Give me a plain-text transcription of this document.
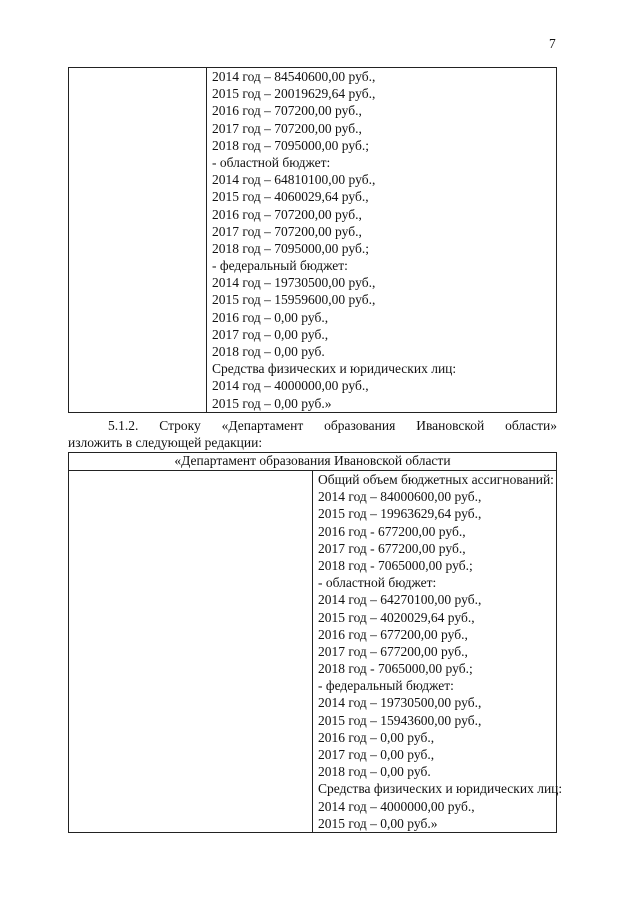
7

2014 год – 84540600,00 руб.,
2015 год – 20019629,64 руб.,
2016 год – 707200,00 руб.,
2017 год – 707200,00 руб.,
2018 год – 7095000,00 руб.;
- областной бюджет:
2014 год – 64810100,00 руб.,
2015 год – 4060029,64 руб.,
2016 год – 707200,00 руб.,
2017 год – 707200,00 руб.,
2018 год – 7095000,00 руб.;
- федеральный бюджет:
2014 год – 19730500,00 руб.,
2015 год – 15959600,00 руб.,
2016 год – 0,00 руб.,
2017 год – 0,00 руб.,
2018 год – 0,00 руб.
Средства физических и юридических лиц:
2014 год – 4000000,00 руб.,
2015 год – 0,00 руб.»
5.1.2. Строку «Департамент образования Ивановской области»
изложить в следующей редакции:
«Департамент образования Ивановской области

Общий объем бюджетных ассигнований:
2014 год – 84000600,00 руб.,
2015 год – 19963629,64 руб.,
2016 год - 677200,00 руб.,
2017 год - 677200,00 руб.,
2018 год - 7065000,00 руб.;
- областной бюджет:
2014 год – 64270100,00 руб.,
2015 год – 4020029,64 руб.,
2016 год – 677200,00 руб.,
2017 год – 677200,00 руб.,
2018 год - 7065000,00 руб.;
- федеральный бюджет:
2014 год – 19730500,00 руб.,
2015 год – 15943600,00 руб.,
2016 год – 0,00 руб.,
2017 год – 0,00 руб.,
2018 год – 0,00 руб.
Средства физических и юридических лиц:
2014 год – 4000000,00 руб.,
2015 год – 0,00 руб.»
